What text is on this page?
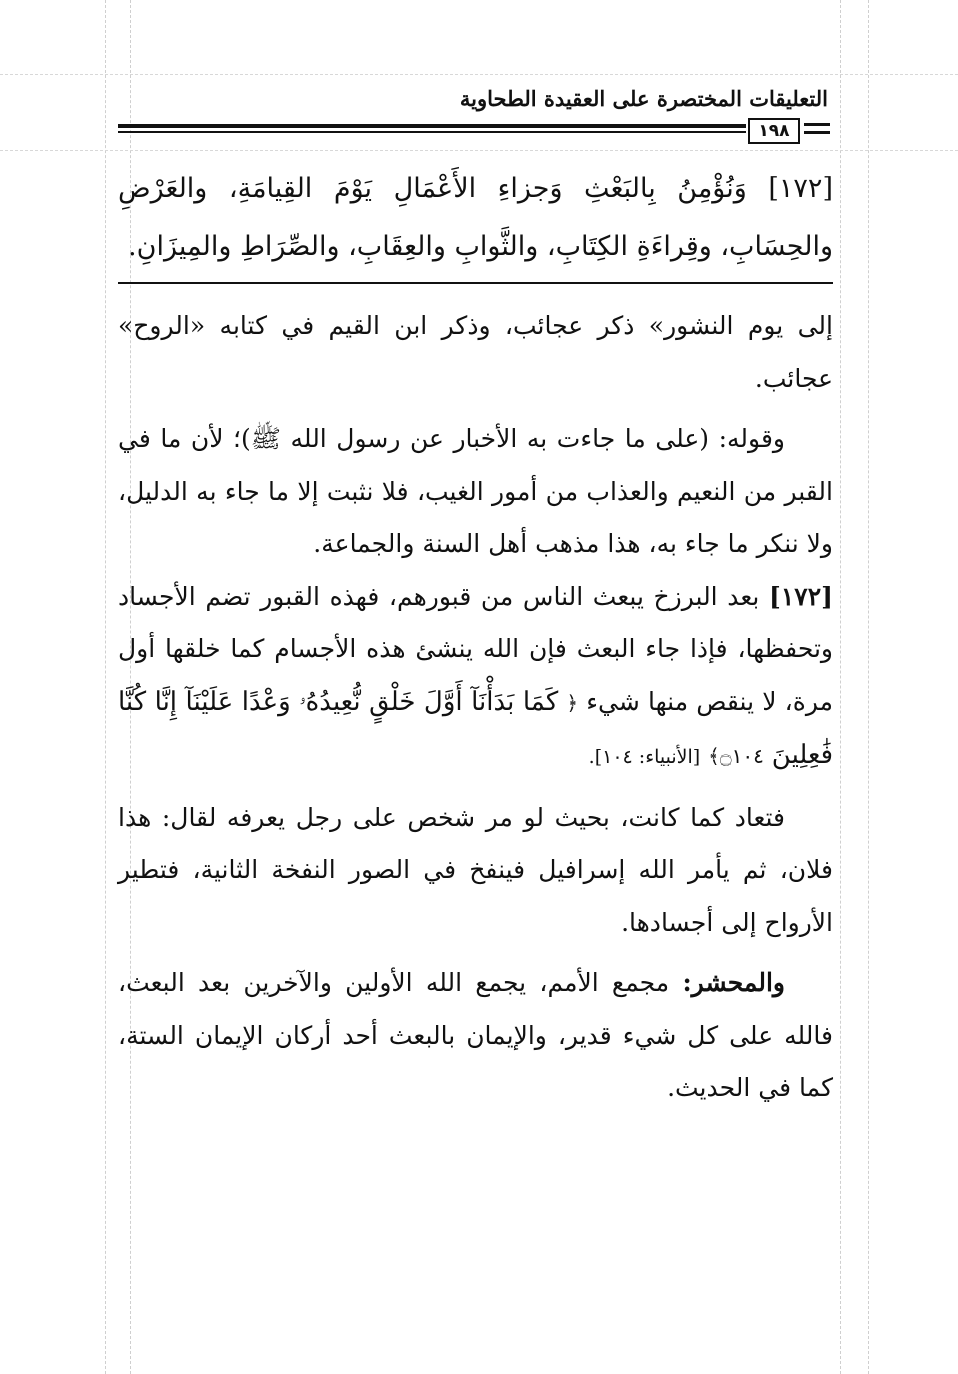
التعليقات المختصرة على العقيدة الطحاوية
١٩٨

[١٧٢] وَنُؤْمِنُ بِالبَعْثِ وَجزاءِ الأَعْمَالِ يَوْمَ القِيامَةِ، والعَرْضِ والحِسَابِ، وقِراءَةِ الكِتَابِ، والثَّوابِ والعِقَابِ، والصِّرَاطِ والمِيزَانِ.

إلى يوم النشور» ذكر عجائب، وذكر ابن القيم في كتابه «الروح» عجائب.

وقوله: (على ما جاءت به الأخبار عن رسول الله ﷺ)؛ لأن ما في القبر من النعيم والعذاب من أمور الغيب، فلا نثبت إلا ما جاء به الدليل، ولا ننكر ما جاء به، هذا مذهب أهل السنة والجماعة.

[١٧٢] بعد البرزخ يبعث الناس من قبورهم، فهذه القبور تضم الأجساد وتحفظها، فإذا جاء البعث فإن الله ينشئ هذه الأجسام كما خلقها أول مرة، لا ينقص منها شيء ﴿ كَمَا بَدَأْنَآ أَوَّلَ خَلْقٍ نُّعِيدُهُۥ وَعْدًا عَلَيْنَآ إِنَّا كُنَّا فَٰعِلِينَ ۝١٠٤﴾ [الأنبياء: ١٠٤].

فتعاد كما كانت، بحيث لو مر شخص على رجل يعرفه لقال: هذا فلان، ثم يأمر الله إسرافيل فينفخ في الصور النفخة الثانية، فتطير الأرواح إلى أجسادها.

والمحشر: مجمع الأمم، يجمع الله الأولين والآخرين بعد البعث، فالله على كل شيء قدير، والإيمان بالبعث أحد أركان الإيمان الستة، كما في الحديث.
